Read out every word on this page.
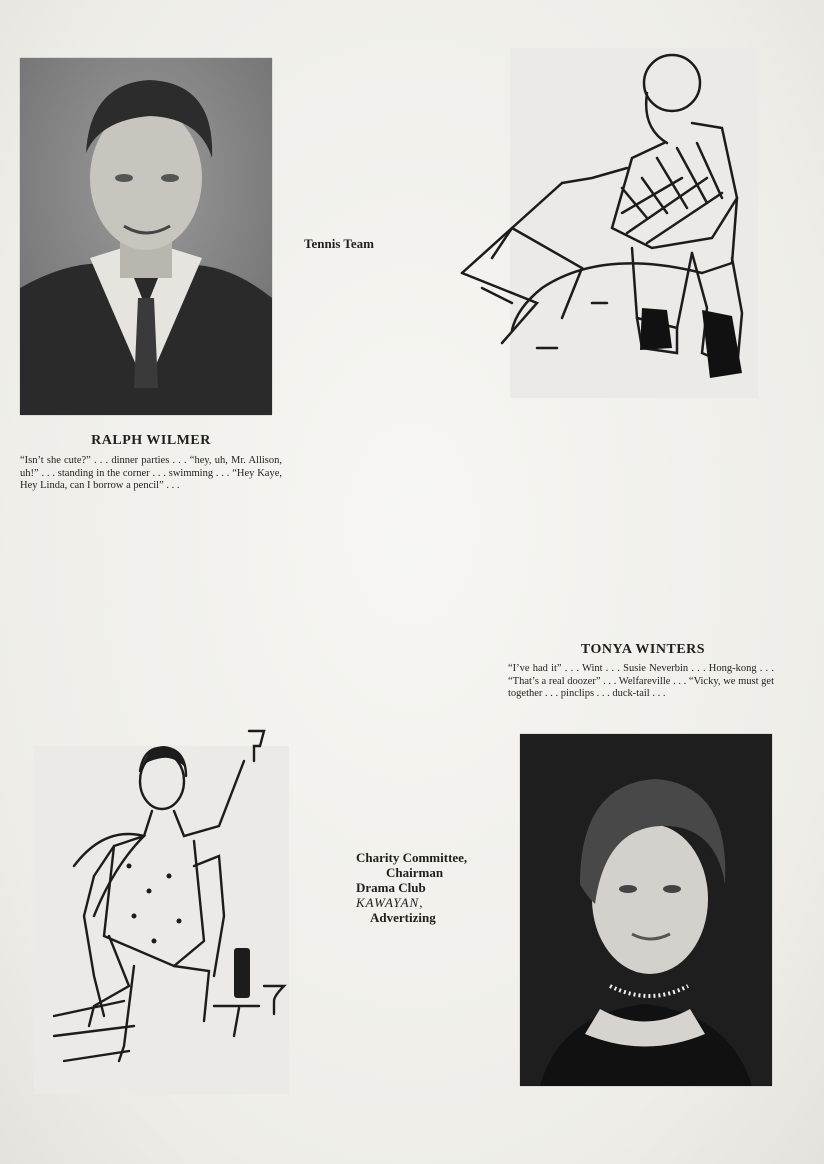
RALPH WILMER

“Isn’t she cute?” . . . dinner parties . . . “hey, uh, Mr. Allison, uh!” . . . standing in the corner . . . swimming . . . “Hey Kaye, Hey Linda, can I borrow a pencil” . . .

Tennis Team
TONYA WINTERS

“I’ve had it” . . . Wint . . . Susie Neverbin . . . Hong-kong . . . “That’s a real doozer” . . . Welfareville . . . “Vicky, we must get together . . . pinclips . . . duck-tail . . .

Charity Committee,
Chairman
Drama Club
KAWAYAN,
Advertizing
